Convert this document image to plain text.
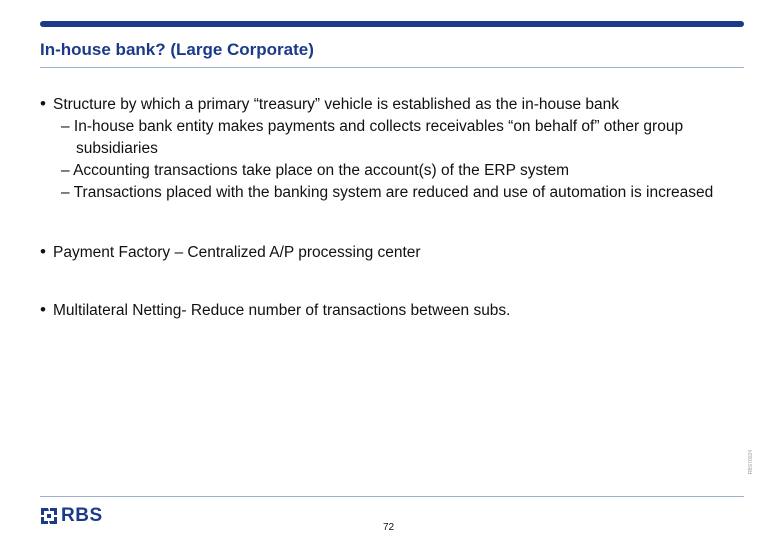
In-house bank? (Large Corporate)
• Structure by which a primary “treasury” vehicle is established as the in-house bank
– In-house bank entity makes payments and collects receivables “on behalf of” other group subsidiaries
– Accounting transactions take place on the account(s) of the ERP system
– Transactions placed with the banking system are reduced and use of automation is increased
• Payment Factory – Centralized A/P processing center
• Multilateral Netting- Reduce number of transactions between subs.
RBS70024
RBS
72
